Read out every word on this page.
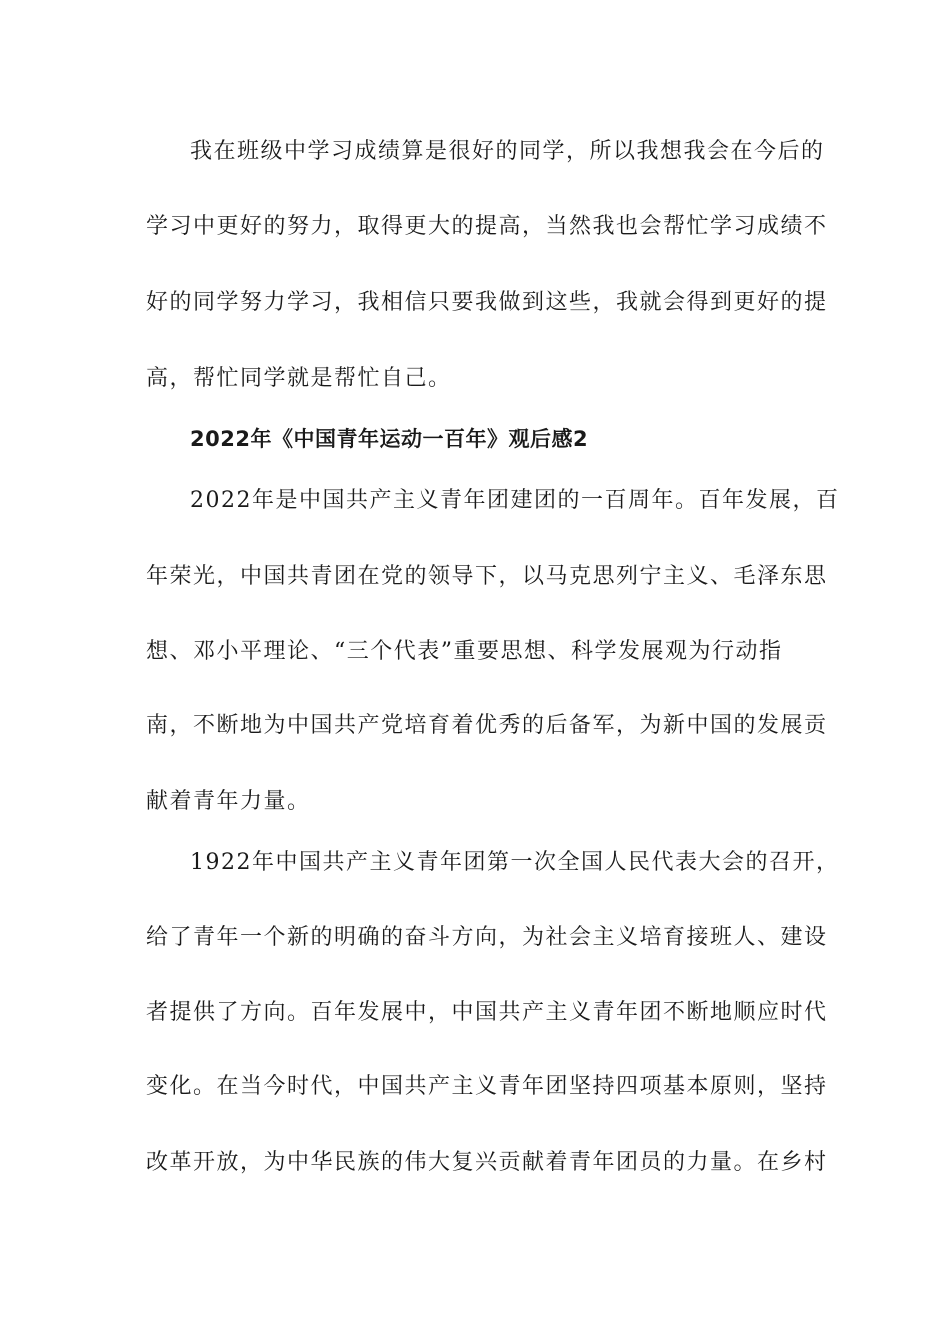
我在班级中学习成绩算是很好的同学，所以我想我会在今后的
学习中更好的努力，取得更大的提高，当然我也会帮忙学习成绩不
好的同学努力学习，我相信只要我做到这些，我就会得到更好的提
高，帮忙同学就是帮忙自己。
2022年《中国青年运动一百年》观后感2
2022年是中国共产主义青年团建团的一百周年。百年发展，百
年荣光，中国共青团在党的领导下，以马克思列宁主义、毛泽东思
想、邓小平理论、“三个代表”重要思想、科学发展观为行动指
南，不断地为中国共产党培育着优秀的后备军，为新中国的发展贡
献着青年力量。
1922年中国共产主义青年团第一次全国人民代表大会的召开，
给了青年一个新的明确的奋斗方向，为社会主义培育接班人、建设
者提供了方向。百年发展中，中国共产主义青年团不断地顺应时代
变化。在当今时代，中国共产主义青年团坚持四项基本原则，坚持
改革开放，为中华民族的伟大复兴贡献着青年团员的力量。在乡村
